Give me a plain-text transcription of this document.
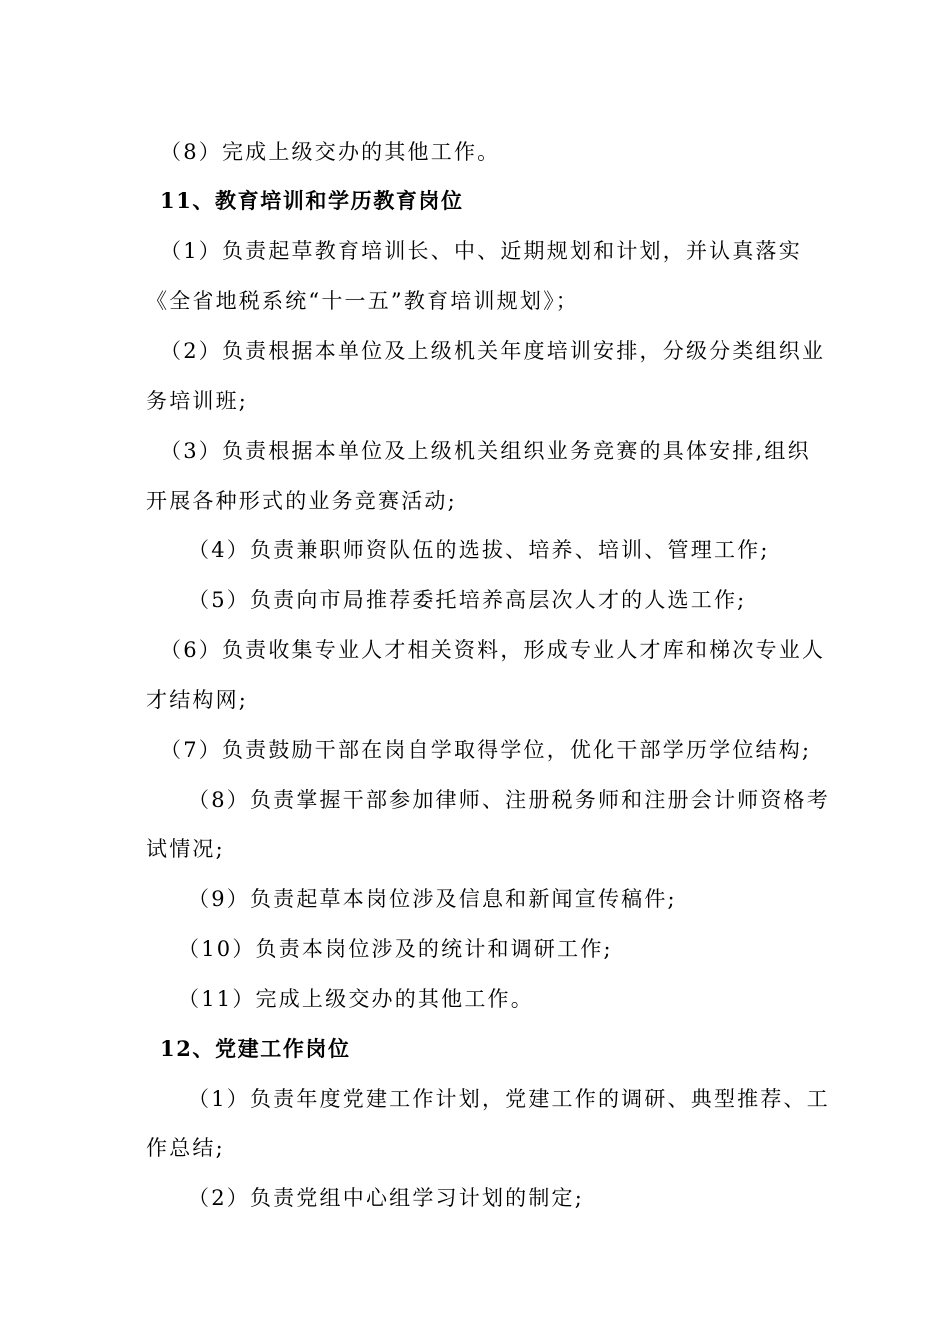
（8）完成上级交办的其他工作。
11、教育培训和学历教育岗位
（1）负责起草教育培训长、中、近期规划和计划，并认真落实
《全省地税系统“十一五”教育培训规划》；
（2）负责根据本单位及上级机关年度培训安排，分级分类组织业
务培训班;
（3）负责根据本单位及上级机关组织业务竞赛的具体安排,组织
开展各种形式的业务竞赛活动;
（4）负责兼职师资队伍的选拔、培养、培训、管理工作;
（5）负责向市局推荐委托培养高层次人才的人选工作;
（6）负责收集专业人才相关资料，形成专业人才库和梯次专业人
才结构网;
（7）负责鼓励干部在岗自学取得学位，优化干部学历学位结构;
（8）负责掌握干部参加律师、注册税务师和注册会计师资格考
试情况;
（9）负责起草本岗位涉及信息和新闻宣传稿件;
（10）负责本岗位涉及的统计和调研工作;
（11）完成上级交办的其他工作。
12、党建工作岗位
（1）负责年度党建工作计划，党建工作的调研、典型推荐、工
作总结;
（2）负责党组中心组学习计划的制定;
